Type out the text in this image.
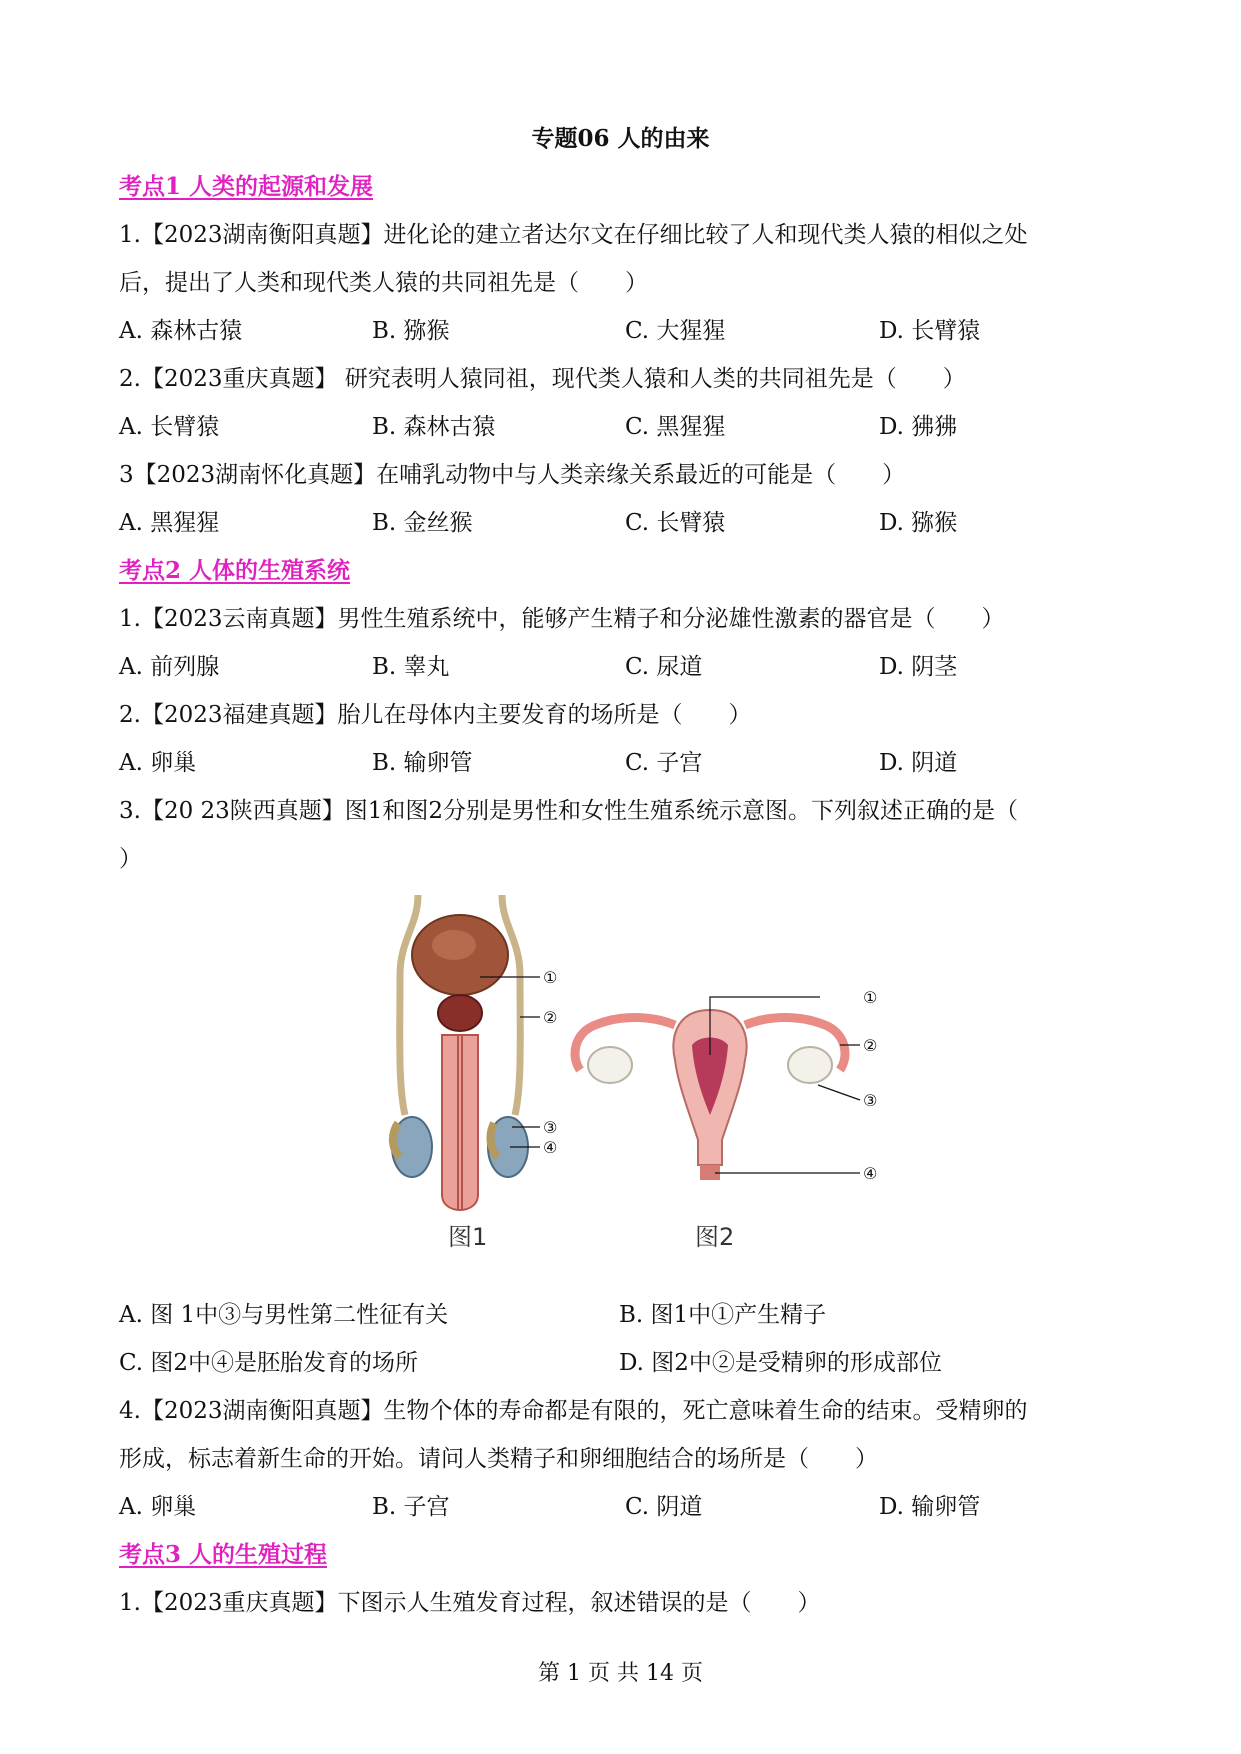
专题06 人的由来
考点1 人类的起源和发展
1.【2023湖南衡阳真题】进化论的建立者达尔文在仔细比较了人和现代类人猿的相似之处
后，提出了人类和现代类人猿的共同祖先是（　　）
A. 森林古猿	B. 猕猴	C. 大猩猩	D. 长臂猿
2.【2023重庆真题】 研究表明人猿同祖，现代类人猿和人类的共同祖先是（　　）
A. 长臂猿	B. 森林古猿	C. 黑猩猩	D. 狒狒
3【2023湖南怀化真题】在哺乳动物中与人类亲缘关系最近的可能是（　　）
A. 黑猩猩	B. 金丝猴	C. 长臂猿	D. 猕猴
考点2 人体的生殖系统
1.【2023云南真题】男性生殖系统中，能够产生精子和分泌雄性激素的器官是（　　）
A. 前列腺	B. 睾丸	C. 尿道	D. 阴茎
2.【2023福建真题】胎儿在母体内主要发育的场所是（　　）
A. 卵巢	B. 输卵管	C. 子宫	D. 阴道
3.【20 23陕西真题】图1和图2分别是男性和女性生殖系统示意图。下列叙述正确的是（
）
①
②
③
④
图1
①
②
③
④
图2
A. 图 1中③与男性第二性征有关	B. 图1中①产生精子
C. 图2中④是胚胎发育的场所	D. 图2中②是受精卵的形成部位
4.【2023湖南衡阳真题】生物个体的寿命都是有限的，死亡意味着生命的结束。受精卵的
形成，标志着新生命的开始。请问人类精子和卵细胞结合的场所是（　　）
A. 卵巢	B. 子宫	C. 阴道	D. 输卵管
考点3 人的生殖过程
1.【2023重庆真题】下图示人生殖发育过程，叙述错误的是（　　）
第 1 页 共 14 页
